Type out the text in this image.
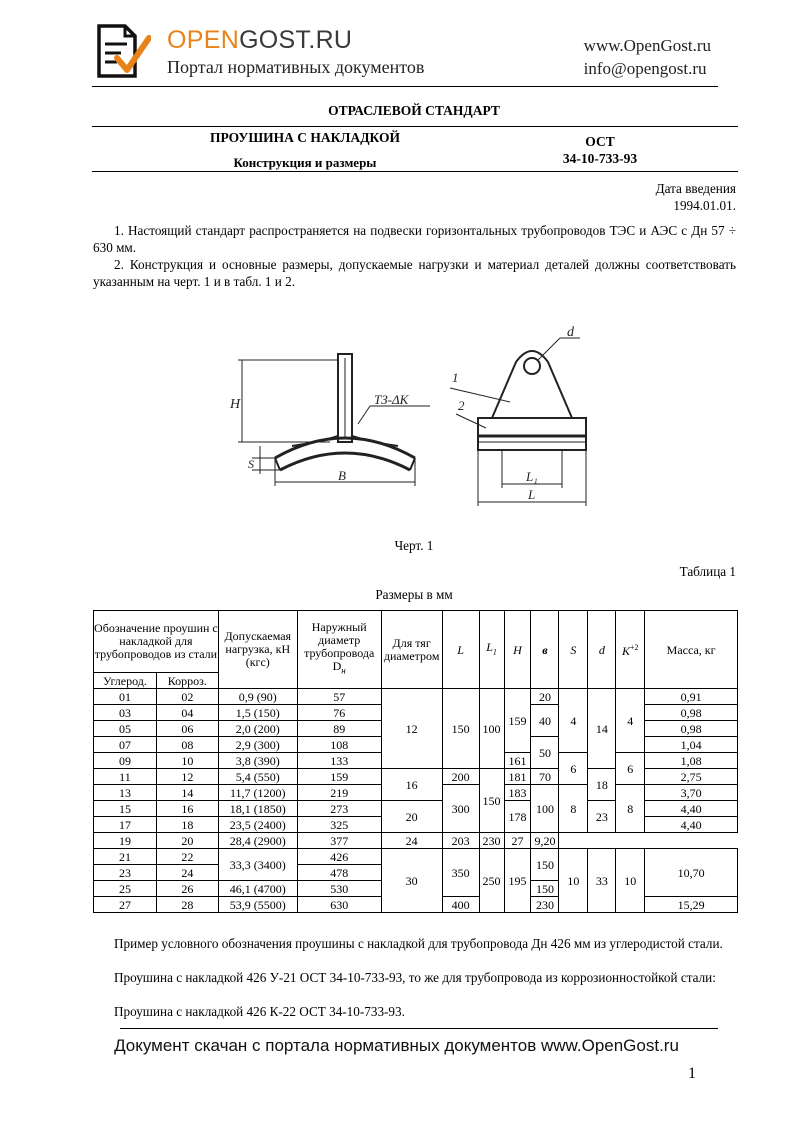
OPENGOST.RU
Портал нормативных документов
www.OpenGost.ru
info@opengost.ru
ОТРАСЛЕВОЙ СТАНДАРТ
ПРОУШИНА С НАКЛАДКОЙ
Конструкция и размеры
ОСТ
34-10-733-93
Дата введения
1994.01.01.
1. Настоящий стандарт распространяется на подвески горизонтальных трубопроводов ТЭС и АЭС с Дн 57 ÷ 630 мм.
2. Конструкция и основные размеры, допускаемые нагрузки и материал деталей должны соответствовать указанным на черт. 1 и в табл. 1 и 2.
H
S
B
ТЗ-ΔK
d
1
2
L₁
L
Черт. 1
Таблица 1
Размеры в мм
Обозначение проушин с накладкой для трубопроводов из стали		Допускаемая нагрузка, кН (кгс)	Наружный диаметр трубопровода $D_н$	Для тяг диаметром	L	$L_1$	H	в	S	d	$K^{+2}$	Масса, кг
Углерод.	Корроз.											
01	02	0,9 (90)	57	12	150	100	159	20	4	14	4	0,91
03	04	1,5 (150)	76					40				0,98
05	06	2,0 (200)	89									0,98
07	08	2,9 (300)	108					50				1,04
09	10	3,8 (390)	133				161		6		6	1,08
11	12	5,4 (550)	159	16	200	150	181	70		18		2,75
13	14	11,7 (1200)	219		300		183	100	8		8	3,70
15	16	18,1 (1850)	273	20			178			23		4,40
17	18	23,5 (2400)	325									4,40
19	20	28,4 (2900)	377	24	203	230	27	9,20				
21	22	33,3 (3400)	426	30	350	250	195	150	10	33	10	10,70
23	24		478									
25	26	46,1 (4700)	530					150				
27	28	53,9 (5500)	630		400			230				15,29
Пример условного обозначения проушины с накладкой для трубопровода Дн 426 мм из углеродистой стали.
Проушина с накладкой 426 У-21 ОСТ 34-10-733-93, то же для трубопровода из коррозионностойкой стали:
Проушина с накладкой 426 К-22 ОСТ 34-10-733-93.
Документ скачан с портала нормативных документов www.OpenGost.ru
1
